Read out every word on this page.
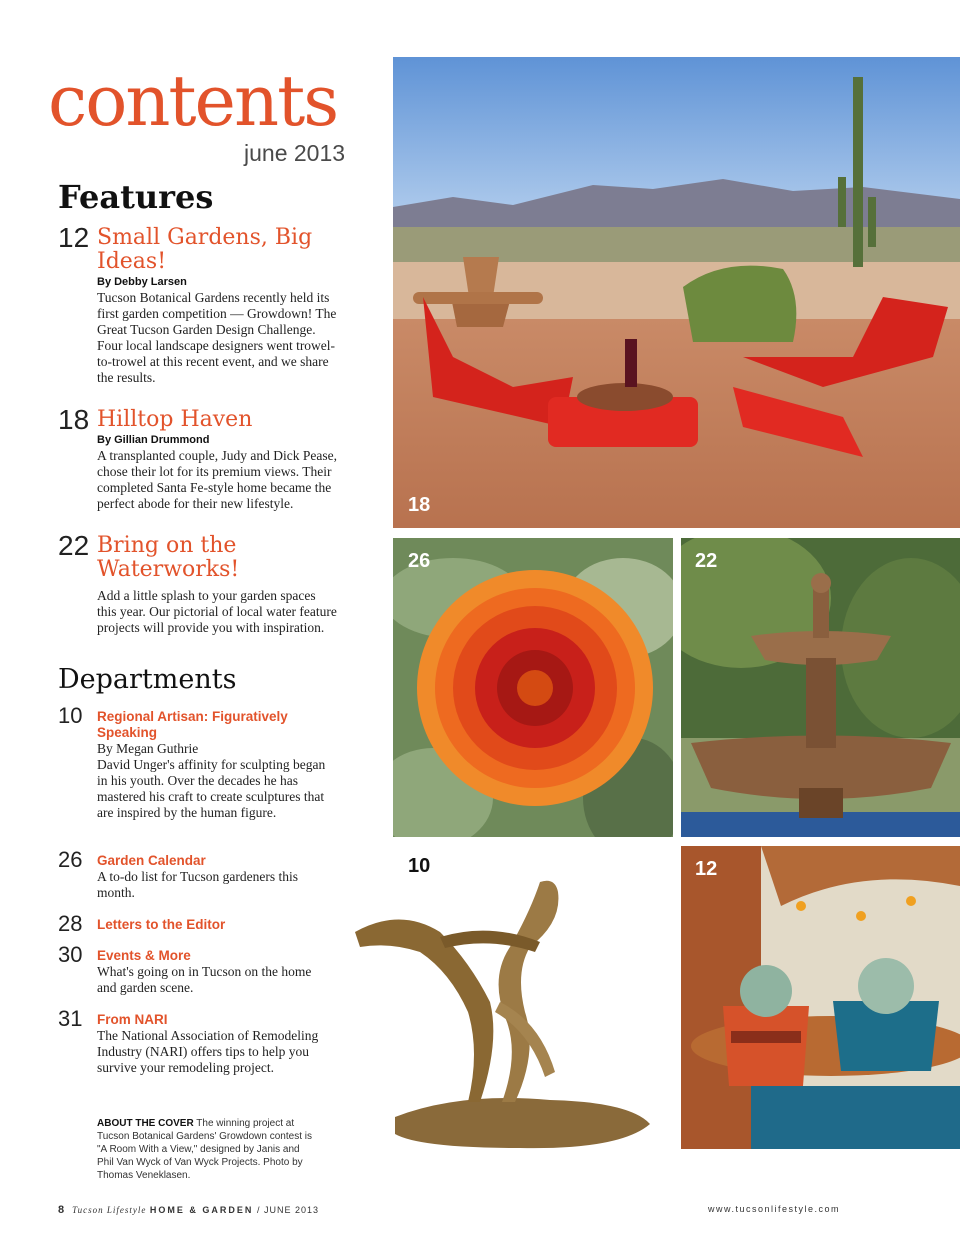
contents
june 2013
Features
12 Small Gardens, Big Ideas!
By Debby Larsen
Tucson Botanical Gardens recently held its first garden competition — Growdown! The Great Tucson Garden Design Challenge. Four local landscape designers went trowel-to-trowel at this recent event, and we share the results.
18 Hilltop Haven
By Gillian Drummond
A transplanted couple, Judy and Dick Pease, chose their lot for its premium views. Their completed Santa Fe-style home became the perfect abode for their new lifestyle.
22 Bring on the Waterworks!
Add a little splash to your garden spaces this year. Our pictorial of local water feature projects will provide you with inspiration.
Departments
10 Regional Artisan: Figuratively Speaking
By Megan Guthrie
David Unger's affinity for sculpting began in his youth. Over the decades he has mastered his craft to create sculptures that are inspired by the human figure.
26 Garden Calendar
A to-do list for Tucson gardeners this month.
28 Letters to the Editor
30 Events & More
What's going on in Tucson on the home and garden scene.
31 From NARI
The National Association of Remodeling Industry (NARI) offers tips to help you survive your remodeling project.
ABOUT THE COVER The winning project at Tucson Botanical Gardens' Growdown contest is "A Room With a View," designed by Janis and Phil Van Wyck of Van Wyck Projects. Photo by Thomas Veneklasen.
8 Tucson Lifestyle HOME & GARDEN / JUNE 2013	www.tucsonlifestyle.com
18
26	22
10	12
